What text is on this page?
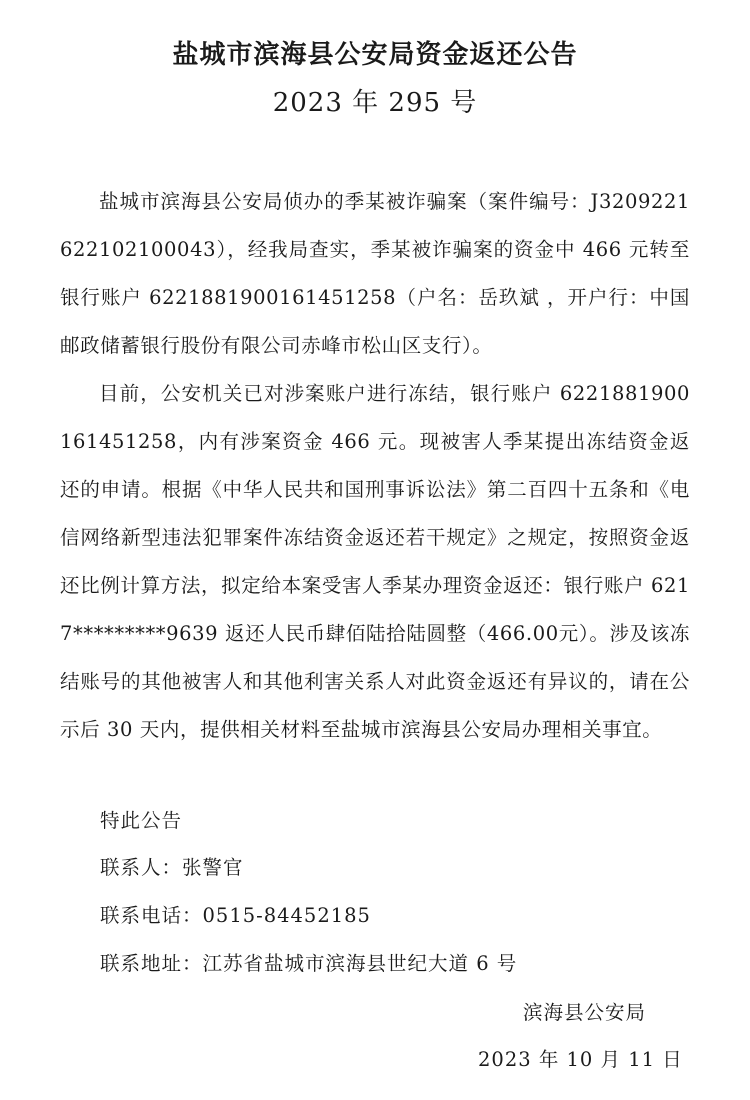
盐城市滨海县公安局资金返还公告
2023 年 295 号

盐城市滨海县公安局侦办的季某被诈骗案（案件编号：J3209221622102100043），经我局查实，季某被诈骗案的资金中 466 元转至银行账户 6221881900161451258（户名：岳玖斌 ，开户行：中国邮政储蓄银行股份有限公司赤峰市松山区支行）。

目前，公安机关已对涉案账户进行冻结，银行账户 6221881900161451258，内有涉案资金 466 元。现被害人季某提出冻结资金返还的申请。根据《中华人民共和国刑事诉讼法》第二百四十五条和《电信网络新型违法犯罪案件冻结资金返还若干规定》之规定，按照资金返还比例计算方法，拟定给本案受害人季某办理资金返还：银行账户 6217*********9639 返还人民币肆佰陆拾陆圆整（466.00元）。涉及该冻结账号的其他被害人和其他利害关系人对此资金返还有异议的，请在公示后 30 天内，提供相关材料至盐城市滨海县公安局办理相关事宜。

特此公告

联系人：张警官

联系电话：0515-84452185

联系地址：江苏省盐城市滨海县世纪大道 6 号

滨海县公安局

2023 年 10 月 11 日
